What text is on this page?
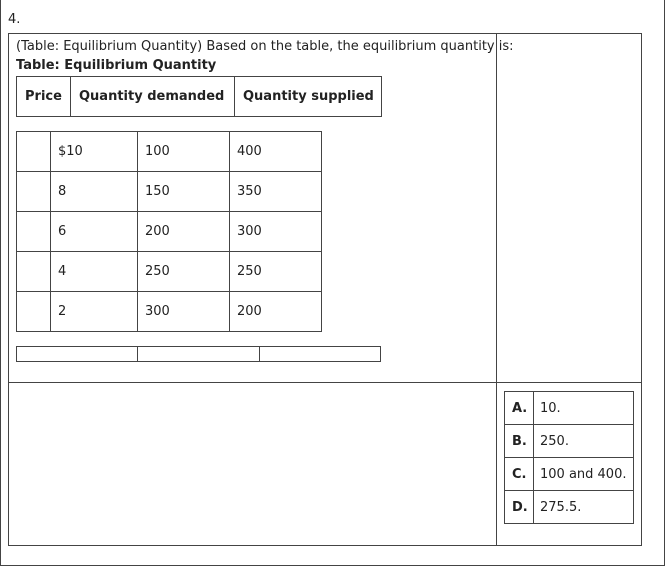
4.
(Table: Equilibrium Quantity) Based on the table, the equilibrium quantity is:
Table: Equilibrium Quantity
Price	Quantity demanded	Quantity supplied
	$10	100	400
	8	150	350
	6	200	300
	4	250	250
	2	300	200

A.	10.
B.	250.
C.	100 and 400.
D.	275.5.
